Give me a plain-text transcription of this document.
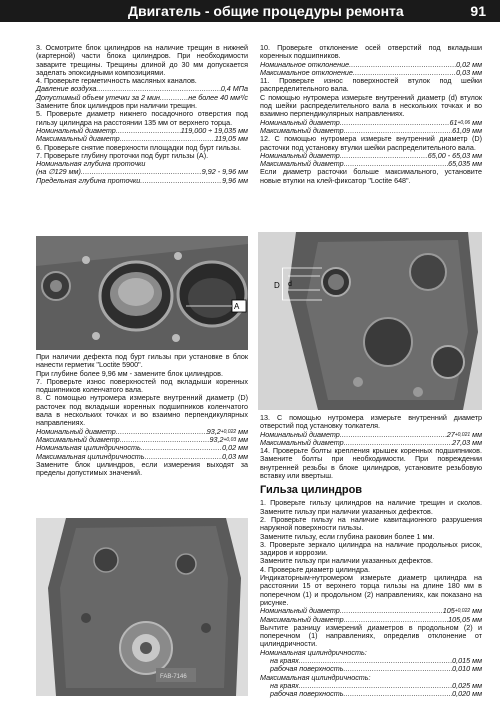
Двигатель - общие процедуры ремонта	91

3. Осмотрите блок цилиндров на наличие трещин в нижней (картерной) части блока цилиндров. При необходимости заварите трещины. Трещины длиной до 30 мм допускается заделать эпоксидными композициями.

4. Проверьте герметичность масляных каналов.

Давление воздуха .....	0,4 МПа
Допустимый объем утечки за 2 мин .....	не более 40 мм³/с

Замените блок цилиндров при наличии трещин.

5. Проверьте диаметр нижнего посадочного отверстия под гильзу цилиндра на расстоянии 135 мм от верхнего торца.

Номинальный диаметр .....	119,000 ÷ 19,035 мм
Максимальный диаметр .....	119,05 мм

6. Проверьте снятие поверхности площадки под бурт гильзы.

7. Проверьте глубину проточки под бурт гильзы (А).

Номинальная глубина проточки
(на ∅129 мм) .....	9,92 - 9,96 мм
Предельная глубина проточки .....	9,96 мм
A

При наличии дефекта под бурт гильзы при установке в блок нанести герметик "Loctite 5900".

При глубине более 9,96 мм - замените блок цилиндров.

7. Проверьте износ поверхностей под вкладыши коренных подшипников коленчатого вала.

8. С помощью нутромера измерьте внутренний диаметр (D) расточек под вкладыши коренных подшипников коленчатого вала в нескольких точках и во взаимно перпендикулярных направлениях.

Номинальный диаметр .....	93,2 +0,022
мм
Максимальный диаметр .....	93,2 +0,03
мм
Номинальная цилиндричность .....	0,02 мм
Максимальная цилиндричность .....	0,03 мм

Замените блок цилиндров, если измерения выходят за пределы допустимых значений.

FAB-7146

10. Проверьте отклонение осей отверстий под вкладыши коренных подшипников.

Номинальное отклонение .....	0,02 мм
Максимальное отклонение .....	0,03 мм

11. Проверьте износ поверхностей втулок под шейки распределительного вала.

С помощью нутромера измерьте внутренний диаметр (d) втулок под шейки распределительного вала в нескольких точках и во взаимно перпендикулярных направлениях.

Номинальный диаметр .....	61 +0,06
мм
Максимальный диаметр .....	61,09 мм

12. С помощью нутромера измерьте внутренний диаметр (D) расточки под установку втулки шейки распределительного вала.

Номинальный диаметр .....	65,00 - 65,03 мм
Максимальный диаметр .....	65,035 мм

Если диаметр расточки больше максимального, установите новые втулки на клей-фиксатор "Loctite 648".

D d

13. С помощью нутромера измерьте внутренний диаметр отверстий под установку толкателя.

Номинальный диаметр .....	27 +0,021
мм
Максимальный диаметр .....	27,03 мм

14. Проверьте болты крепления крышек коренных подшипников. Замените болты при необходимости. При повреждении внутренней резьбы в блоке цилиндров, установите резьбовую вставку или ввертыш.

Гильза цилиндров

1. Проверьте гильзу цилиндров на наличие трещин и сколов. Замените гильзу при наличии указанных дефектов.

2. Проверьте гильзу на наличие кавитационного разрушения наружной поверхности гильзы.

Замените гильзу, если глубина раковин более 1 мм.

3. Проверьте зеркало цилиндра на наличие продольных рисок, задиров и коррозии.

Замените гильзу при наличии указанных дефектов.

4. Проверьте диаметр цилиндра.

Индикаторным-нутромером измерьте диаметр цилиндра на расстоянии 15 от верхнего торца гильзы на длине 180 мм в поперечном (1) и продольном (2) направлениях, как показано на рисунке.

Номинальный диаметр .....	105 +0,022
мм
Максимальный диаметр .....	105,05 мм

Вычтите разницу измерений диаметров в продольном (2) и поперечном (1) направлениях, определив отклонение от цилиндричности.

Номинальная цилиндричность:
на краях .....	0,015 мм
рабочая поверхность .....	0,010 мм
Максимальная цилиндричность:
на краях .....	0,025 мм
рабочая поверхность .....	0,020 мм
